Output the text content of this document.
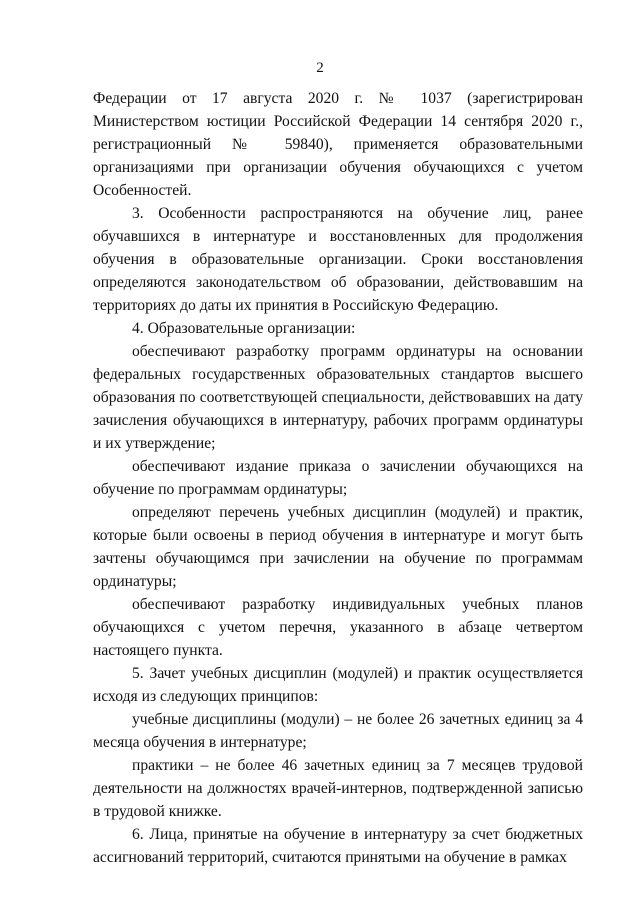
2

Федерации от 17 августа 2020 г. № 1037 (зарегистрирован Министерством юстиции Российской Федерации 14 сентября 2020 г., регистрационный № 59840), применяется образовательными организациями при организации обучения обучающихся с учетом Особенностей.

3. Особенности распространяются на обучение лиц, ранее обучавшихся в интернатуре и восстановленных для продолжения обучения в образовательные организации. Сроки восстановления определяются законодательством об образовании, действовавшим на территориях до даты их принятия в Российскую Федерацию.

4. Образовательные организации:

обеспечивают разработку программ ординатуры на основании федеральных государственных образовательных стандартов высшего образования по соответствующей специальности, действовавших на дату зачисления обучающихся в интернатуру, рабочих программ ординатуры и их утверждение;

обеспечивают издание приказа о зачислении обучающихся на обучение по программам ординатуры;

определяют перечень учебных дисциплин (модулей) и практик, которые были освоены в период обучения в интернатуре и могут быть зачтены обучающимся при зачислении на обучение по программам ординатуры;

обеспечивают разработку индивидуальных учебных планов обучающихся с учетом перечня, указанного в абзаце четвертом настоящего пункта.

5. Зачет учебных дисциплин (модулей) и практик осуществляется исходя из следующих принципов:

учебные дисциплины (модули) – не более 26 зачетных единиц за 4 месяца обучения в интернатуре;

практики – не более 46 зачетных единиц за 7 месяцев трудовой деятельности на должностях врачей-интернов, подтвержденной записью в трудовой книжке.

6. Лица, принятые на обучение в интернатуру за счет бюджетных ассигнований территорий, считаются принятыми на обучение в рамках
